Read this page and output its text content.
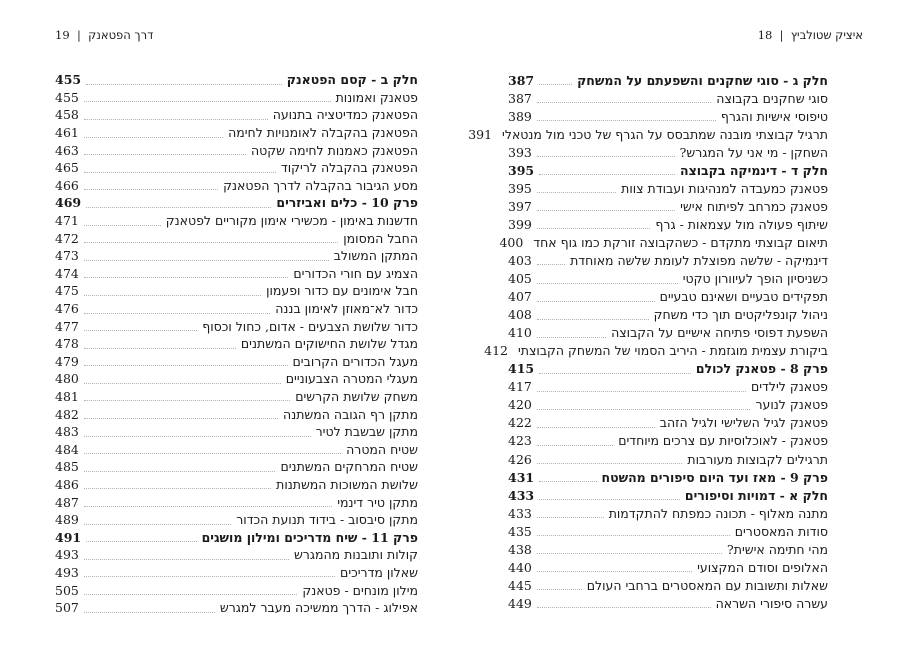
איציק שטולביץ  |  18
דרך הפטאנק  |  19
חלק ג - סוגי שחקנים והשפעתם על המשחק
387
סוגי שחקנים בקבוצה
387
טיפוסי אישיות והגרף
389
תרגיל קבוצתי מובנה שמתבסס על הגרף של טכני מול מנטאלי
391
השחקן - מי אני על המגרש?
393
חלק ד - דינמיקה בקבוצה
395
פטאנק כמעבדה למנהיגות ועבודת צוות
395
פטאנק כמרחב לפיתוח אישי
397
שיתוף פעולה מול עצמאות - גרף
399
תיאום קבוצתי מתקדם - כשהקבוצה זורקת כמו גוף אחד
400
דינמיקה - שלשה מפוצלת לעומת שלשה מאוחדת
403
כשניסיון הופך לעיוורון טקטי
405
תפקידים טבעיים ושאינם טבעיים
407
ניהול קונפליקטים תוך כדי משחק
408
השפעת דפוסי פתיחה אישיים על הקבוצה
410
ביקורת עצמית מוגזמת - היריב הסמוי של המשחק הקבוצתי
412
פרק 8 - פטאנק לכולם
415
פטאנק לילדים
417
פטאנק לנוער
420
פטאנק לגיל השלישי ולגיל הזהב
422
פטאנק - לאוכלוסיות עם צרכים מיוחדים
423
תרגילים לקבוצות מעורבות
426
פרק 9 - מאז ועד היום סיפורים מהשטח
431
חלק א - דמויות וסיפורים
433
מתנה מאלוף - תכונה כמפתח להתקדמות
433
סודות המאסטרים
435
מהי חתימה אישית?
438
האלופים וסודם המקצועי
440
שאלות ותשובות עם המאסטרים ברחבי העולם
445
עשרה סיפורי השראה
449
חלק ב - קסם הפטאנק
455
פטאנק ואמונות
455
הפטאנק כמדיטציה בתנועה
458
הפטאנק בהקבלה לאומנויות לחימה
461
הפטאנק כאמנות לחימה שקטה
463
הפטאנק בהקבלה לריקוד
465
מסע הגיבור בהקבלה לדרך הפטאנק
466
פרק 10 - כלים ואביזרים
469
חדשנות באימון - מכשירי אימון מקוריים לפטאנק
471
החבל המסומן
472
המתקן המשולב
473
הצמיג עם חורי הכדורים
474
חבל אימונים עם כדור ופעמון
475
כדור לא־מאוזן לאימון בננה
476
כדור שלושת הצבעים - אדום, כחול וכסוף
477
מגדל שלושת החישוקים המשתנים
478
מעגל הכדורים הקרובים
479
מעגלי המטרה הצבעוניים
480
משחק שלושת הקרשים
481
מתקן רף הגובה המשתנה
482
מתקן שבשבת לטיר
483
שטיח המטרה
484
שטיח המרחקים המשתנים
485
שלושת המשוכות המשתנות
486
מתקן טיר דינמי
487
מתקן סיבסוב - בידוד תנועת הכדור
489
פרק 11 - שיח מדריכים ומילון מושגים
491
קולות ותובנות מהמגרש
493
שאלון מדריכים
493
מילון מונחים - פטאנק
505
אפילוג - הדרך ממשיכה מעבר למגרש
507
